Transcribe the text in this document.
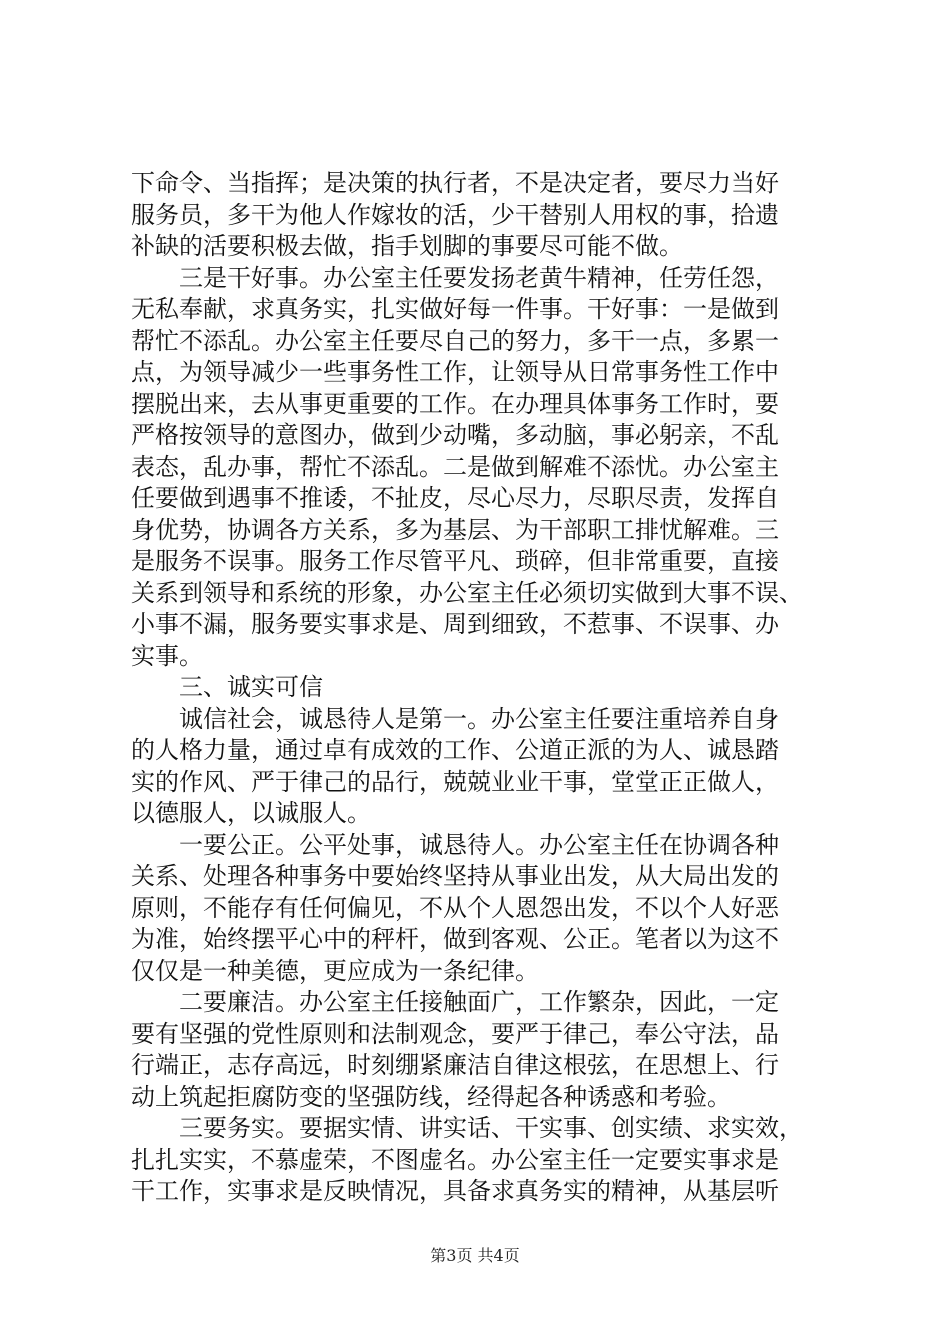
下命令、当指挥；是决策的执行者，不是决定者，要尽力当好
服务员，多干为他人作嫁妆的活，少干替别人用权的事，拾遗
补缺的活要积极去做，指手划脚的事要尽可能不做。
三是干好事。办公室主任要发扬老黄牛精神，任劳任怨，
无私奉献，求真务实，扎实做好每一件事。干好事：一是做到
帮忙不添乱。办公室主任要尽自己的努力，多干一点，多累一
点，为领导减少一些事务性工作，让领导从日常事务性工作中
摆脱出来，去从事更重要的工作。在办理具体事务工作时，要
严格按领导的意图办，做到少动嘴，多动脑，事必躬亲，不乱
表态，乱办事，帮忙不添乱。二是做到解难不添忧。办公室主
任要做到遇事不推诿，不扯皮，尽心尽力，尽职尽责，发挥自
身优势，协调各方关系，多为基层、为干部职工排忧解难。三
是服务不误事。服务工作尽管平凡、琐碎，但非常重要，直接
关系到领导和系统的形象，办公室主任必须切实做到大事不误、
小事不漏，服务要实事求是、周到细致，不惹事、不误事、办
实事。
三、诚实可信
诚信社会，诚恳待人是第一。办公室主任要注重培养自身
的人格力量，通过卓有成效的工作、公道正派的为人、诚恳踏
实的作风、严于律己的品行，兢兢业业干事，堂堂正正做人，
以德服人，以诚服人。
一要公正。公平处事，诚恳待人。办公室主任在协调各种
关系、处理各种事务中要始终坚持从事业出发，从大局出发的
原则，不能存有任何偏见，不从个人恩怨出发，不以个人好恶
为准，始终摆平心中的秤杆，做到客观、公正。笔者以为这不
仅仅是一种美德，更应成为一条纪律。
二要廉洁。办公室主任接触面广，工作繁杂，因此，一定
要有坚强的党性原则和法制观念，要严于律己，奉公守法，品
行端正，志存高远，时刻绷紧廉洁自律这根弦，在思想上、行
动上筑起拒腐防变的坚强防线，经得起各种诱惑和考验。
三要务实。要据实情、讲实话、干实事、创实绩、求实效，
扎扎实实，不慕虚荣，不图虚名。办公室主任一定要实事求是
干工作，实事求是反映情况，具备求真务实的精神，从基层听
第3页 共4页
